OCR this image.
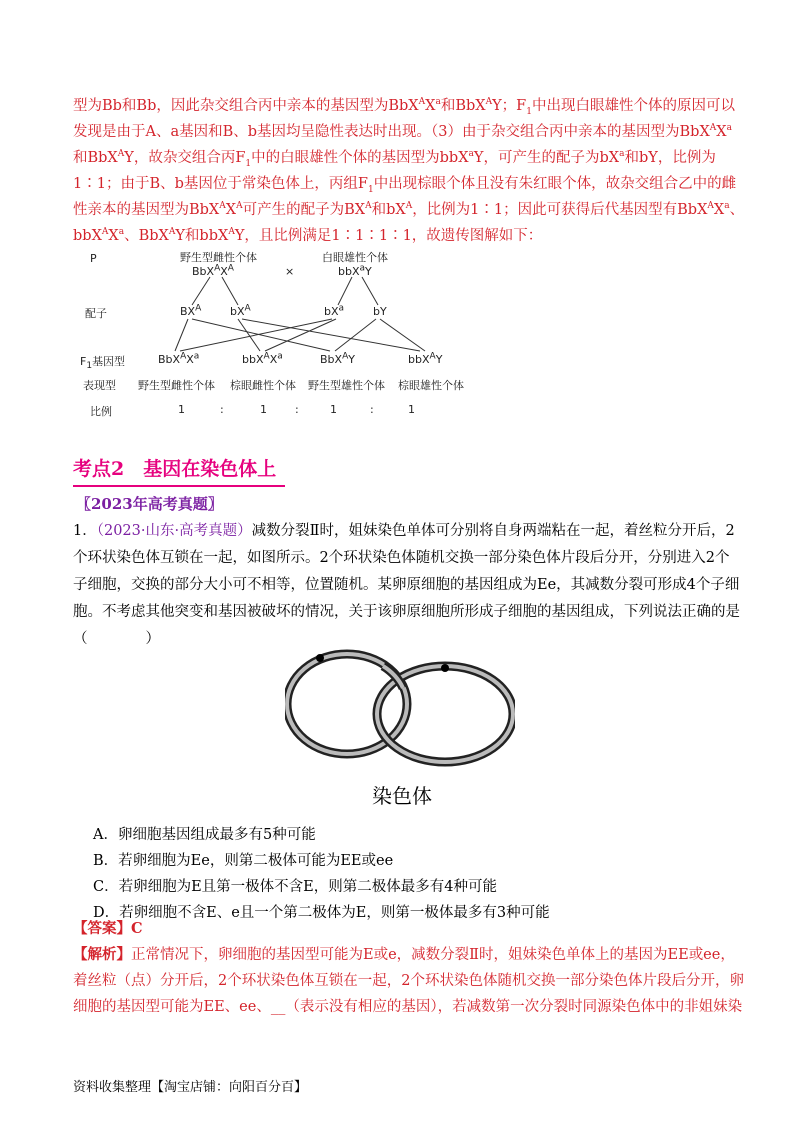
型为Bb和Bb，因此杂交组合丙中亲本的基因型为$BbX^AX^a$和BbX$^A$Y；$F_1$中出现白眼雄性个体的原因可以
发现是由于A、a基因和B、b基因均呈隐性表达时出现。（3）由于杂交组合丙中亲本的基因型为$BbX^AX^a$
和BbX$^A$Y，故杂交组合丙$F_1$中的白眼雄性个体的基因型为bbX$^a$Y，可产生的配子为$bX^a$和bY，比例为
1∶1；由于B、b基因位于常染色体上，丙组$F_1$中出现棕眼个体且没有朱红眼个体，故杂交组合乙中的雌
性亲本的基因型为$BbX^AX^A$可产生的配子为$BX^A$和$bX^A$，比例为1∶1；因此可获得后代基因型有$BbX^AX^a$、
$bbX^AX^a$、BbX$^A$Y和bbX$^A$Y，且比例满足1∶1∶1∶1，故遗传图解如下：
P	野生型雌性个体
$BbX^AX^A$	×
白眼雄性个体
bbX$^a$Y
配子	$BX^A$	$bX^A$	$bX^a$	bY
$F_1$基因型	$BbX^AX^a$	$bbX^AX^a$	BbX$^A$Y	bbX$^A$Y
表现型 野生型雌性个体 棕眼雌性个体 野生型雄性个体 棕眼雄性个体
比例	1	:	1	:	1	:	1
考点2　基因在染色体上
〖2023年高考真题〗
1．（2023·山东·高考真题）减数分裂Ⅱ时，姐妹染色单体可分别将自身两端粘在一起，着丝粒分开后，2
个环状染色体互锁在一起，如图所示。2个环状染色体随机交换一部分染色体片段后分开，分别进入2个
子细胞，交换的部分大小可不相等，位置随机。某卵原细胞的基因组成为Ee，其减数分裂可形成4个子细
胞。不考虑其他突变和基因被破坏的情况，关于该卵原细胞所形成子细胞的基因组成，下列说法正确的是
（　　　　）
染色体
A．卵细胞基因组成最多有5种可能
B．若卵细胞为Ee，则第二极体可能为EE或ee
C．若卵细胞为E且第一极体不含E，则第二极体最多有4种可能
D．若卵细胞不含E、e且一个第二极体为E，则第一极体最多有3种可能
【答案】C
【解析】正常情况下，卵细胞的基因型可能为E或e，减数分裂Ⅱ时，姐妹染色单体上的基因为EE或ee，
着丝粒（点）分开后，2个环状染色体互锁在一起，2个环状染色体随机交换一部分染色体片段后分开，卵
细胞的基因型可能为EE、ee、__（表示没有相应的基因），若减数第一次分裂时同源染色体中的非姐妹染
资料收集整理【淘宝店铺：向阳百分百】
